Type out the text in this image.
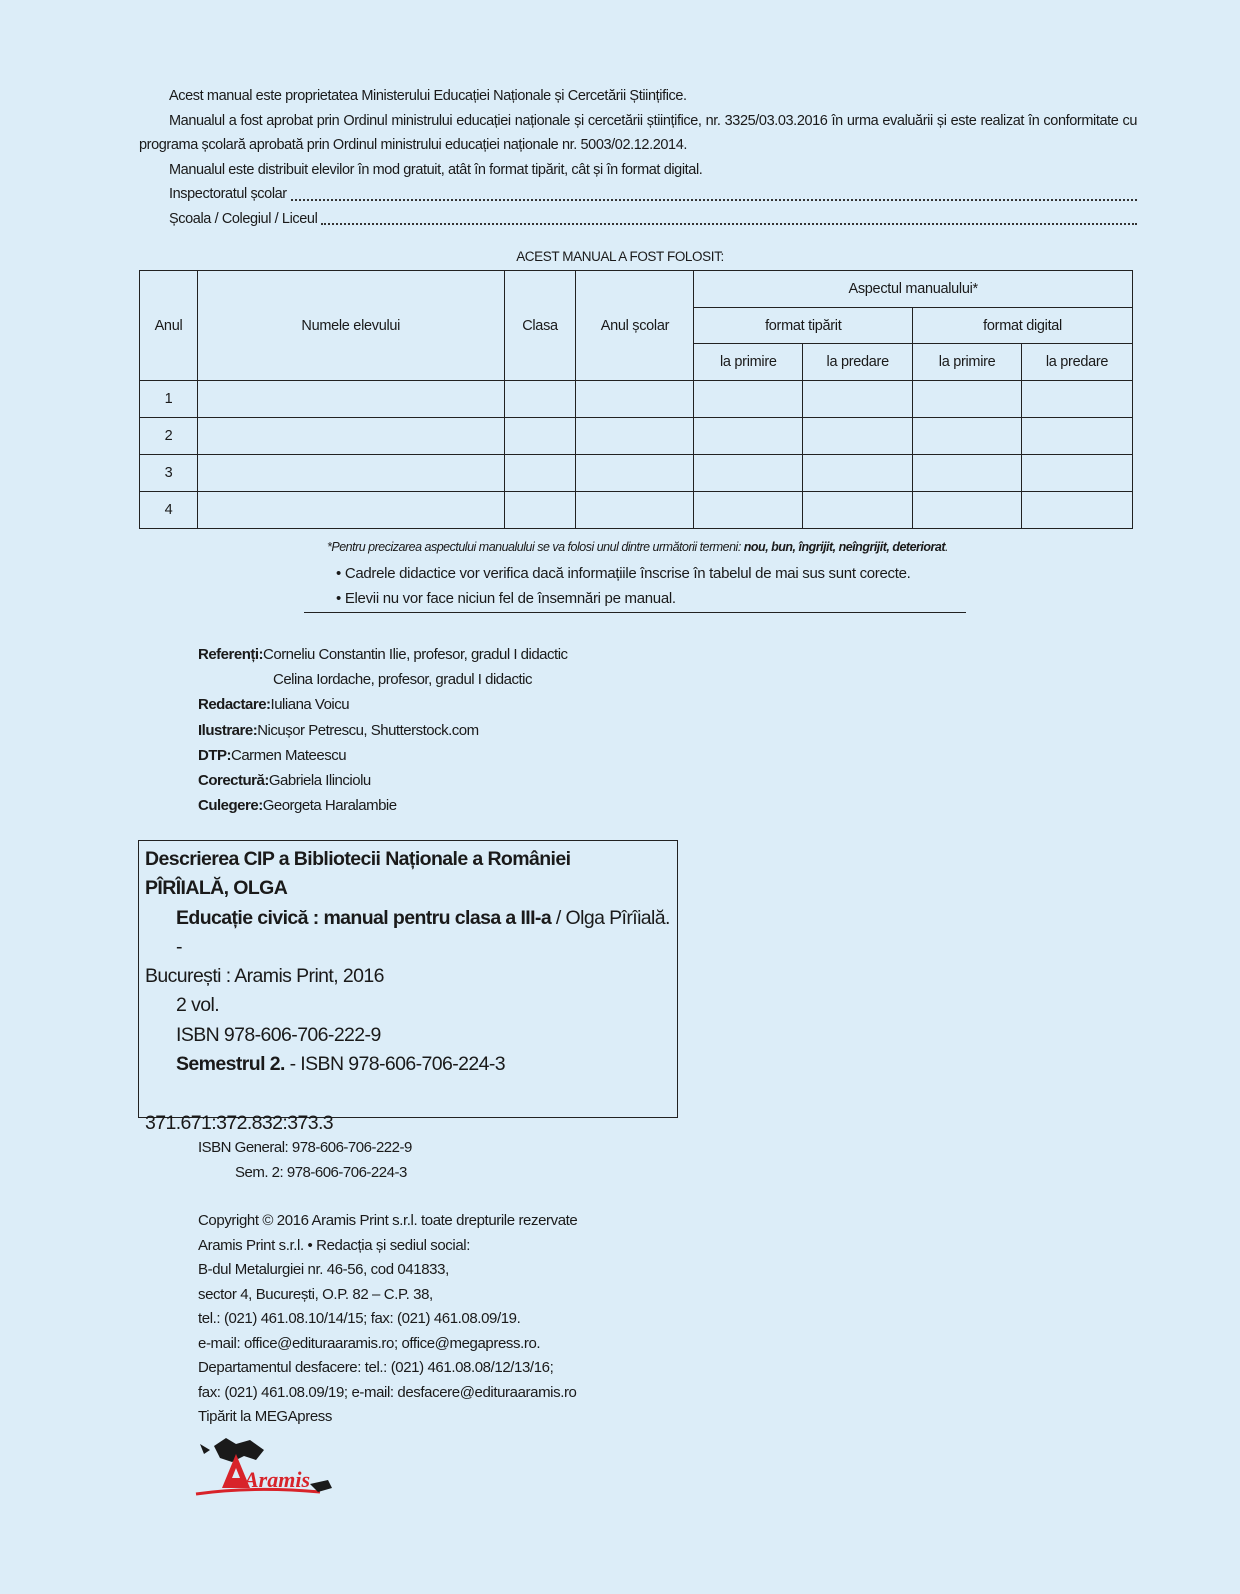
Acest manual este proprietatea Ministerului Educației Naționale și Cercetării Științifice.
Manualul a fost aprobat prin Ordinul ministrului educației naționale și cercetării științifice, nr. 3325/03.03.2016 în urma evaluării și este realizat în conformitate cu programa școlară aprobată prin Ordinul ministrului educației naționale nr. 5003/02.12.2014.
Manualul este distribuit elevilor în mod gratuit, atât în format tipărit, cât și în format digital.
Inspectoratul școlar
Școala / Colegiul / Liceul
ACEST MANUAL A FOST FOLOSIT:
Anul	Numele elevului	Clasa	Anul școlar	Aspectul manualului*			
				format tipărit		format digital	
				la primire	la predare	la primire	la predare
1							
2							
3							
4							
*Pentru precizarea aspectului manualului se va folosi unul dintre următorii termeni: nou, bun, îngrijit, neîngrijit, deteriorat.
• Cadrele didactice vor verifica dacă informațiile înscrise în tabelul de mai sus sunt corecte.
• Elevii nu vor face niciun fel de însemnări pe manual.
Referenți:Corneliu Constantin Ilie, profesor, gradul I didactic
Celina Iordache, profesor, gradul I didactic
Redactare:Iuliana Voicu
Ilustrare:Nicușor Petrescu, Shutterstock.com
DTP:Carmen Mateescu
Corectură:Gabriela Ilinciolu
Culegere:Georgeta Haralambie
Descrierea CIP a Bibliotecii Naționale a României
PÎRÎIALĂ, OLGA
Educație civică : manual pentru clasa a III-a / Olga Pîrîială. -
București : Aramis Print, 2016
2 vol.
ISBN 978-606-706-222-9
Semestrul 2. - ISBN 978-606-706-224-3
371.671:372.832:373.3
ISBN General: 978-606-706-222-9
Sem. 2: 978-606-706-224-3
Copyright © 2016 Aramis Print s.r.l. toate drepturile rezervate
Aramis Print s.r.l. • Redacția și sediul social:
B-dul Metalurgiei nr. 46-56, cod 041833,
sector 4, București, O.P. 82 – C.P. 38,
tel.: (021) 461.08.10/14/15; fax: (021) 461.08.09/19.
e-mail: office@edituraaramis.ro; office@megapress.ro.
Departamentul desfacere: tel.: (021) 461.08.08/12/13/16;
fax: (021) 461.08.09/19; e-mail: desfacere@edituraaramis.ro
Tipărit la MEGApress
Aramis
